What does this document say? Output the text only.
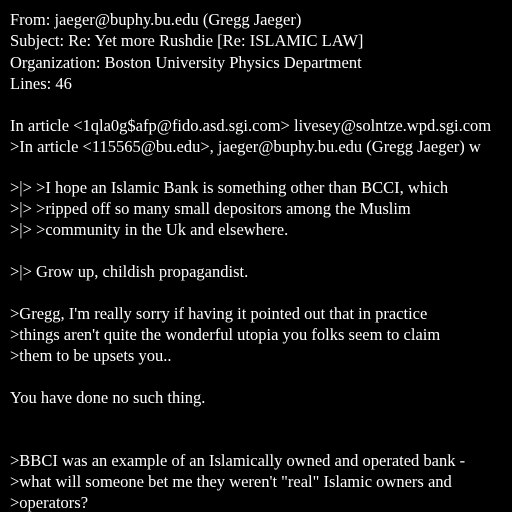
From: jaeger@buphy.bu.edu (Gregg Jaeger)
Subject: Re: Yet more Rushdie [Re: ISLAMIC LAW]
Organization: Boston University Physics Department
Lines: 46
In article <1qla0g$afp@fido.asd.sgi.com> livesey@solntze.wpd.sgi.com
>In article <115565@bu.edu>, jaeger@buphy.bu.edu (Gregg Jaeger) w
>|> >I hope an Islamic Bank is something other than BCCI, which
>|> >ripped off so many small depositors among the Muslim
>|> >community in the Uk and elsewhere.
>|> Grow up, childish propagandist.
>Gregg, I'm really sorry if having it pointed out that in practice
>things aren't quite the wonderful utopia you folks seem to claim
>them to be upsets you..
You have done no such thing.
>BBCI was an example of an Islamically owned and operated bank -
>what will someone bet me they weren't "real" Islamic owners and
>operators?
